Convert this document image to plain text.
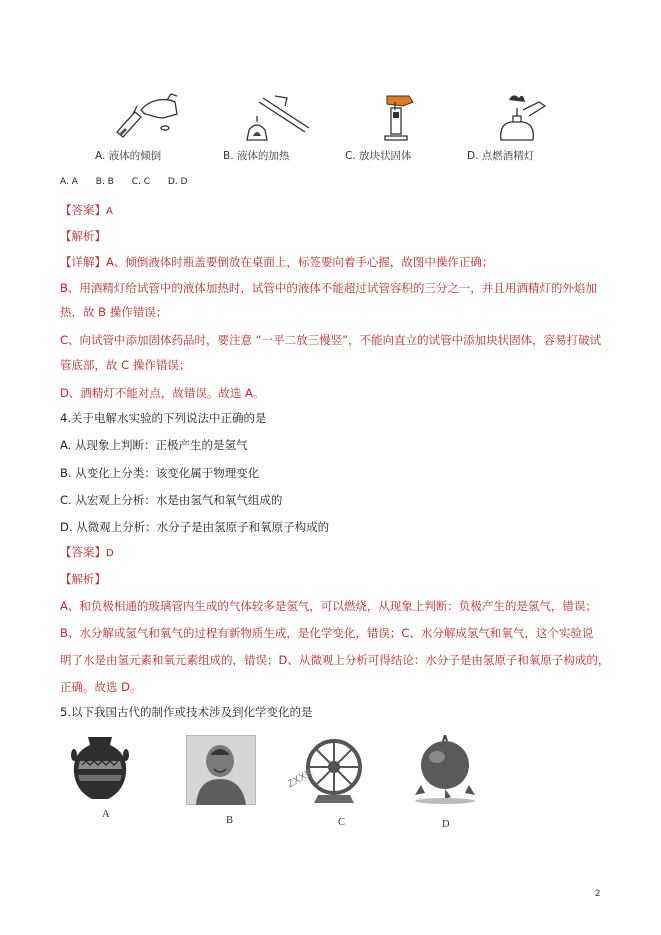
A. 液体的倾倒	B. 液体的加热	C. 放块状固体	D. 点燃酒精灯
A. A B. B C. C D. D
【答案】A
【解析】
【详解】A、倾倒液体时瓶盖要倒放在桌面上，标签要向着手心握，故图中操作正确；
B、用酒精灯给试管中的液体加热时，试管中的液体不能超过试管容积的三分之一，并且用酒精灯的外焰加
热，故 B 操作错误；
C、向试管中添加固体药品时，要注意 “一平二放三慢竖”，不能向直立的试管中添加块状固体，容易打破试
管底部，故 C 操作错误；
D、酒精灯不能对点，故错误。故选 A。
4.关于电解水实验的下列说法中正确的是
A. 从现象上判断：正极产生的是氢气
B. 从变化上分类：该变化属于物理变化
C. 从宏观上分析：水是由氢气和氧气组成的
D. 从微观上分析：水分子是由氢原子和氧原子构成的
【答案】D
【解析】
A、和负极相通的玻璃管内生成的气体较多是氢气，可以燃烧，从现象上判断：负极产生的是氢气，错误；
B、水分解成氢气和氧气的过程有新物质生成，是化学变化，错误；C、水分解成氢气和氧气，这个实验说
明了水是由氢元素和氧元素组成的，错误；D、从微观上分析可得结论：水分子是由氢原子和氧原子构成的，
正确。故选 D。
5.以下我国古代的制作或技术涉及到化学变化的是
A
B
ZXXK
C	D
2
